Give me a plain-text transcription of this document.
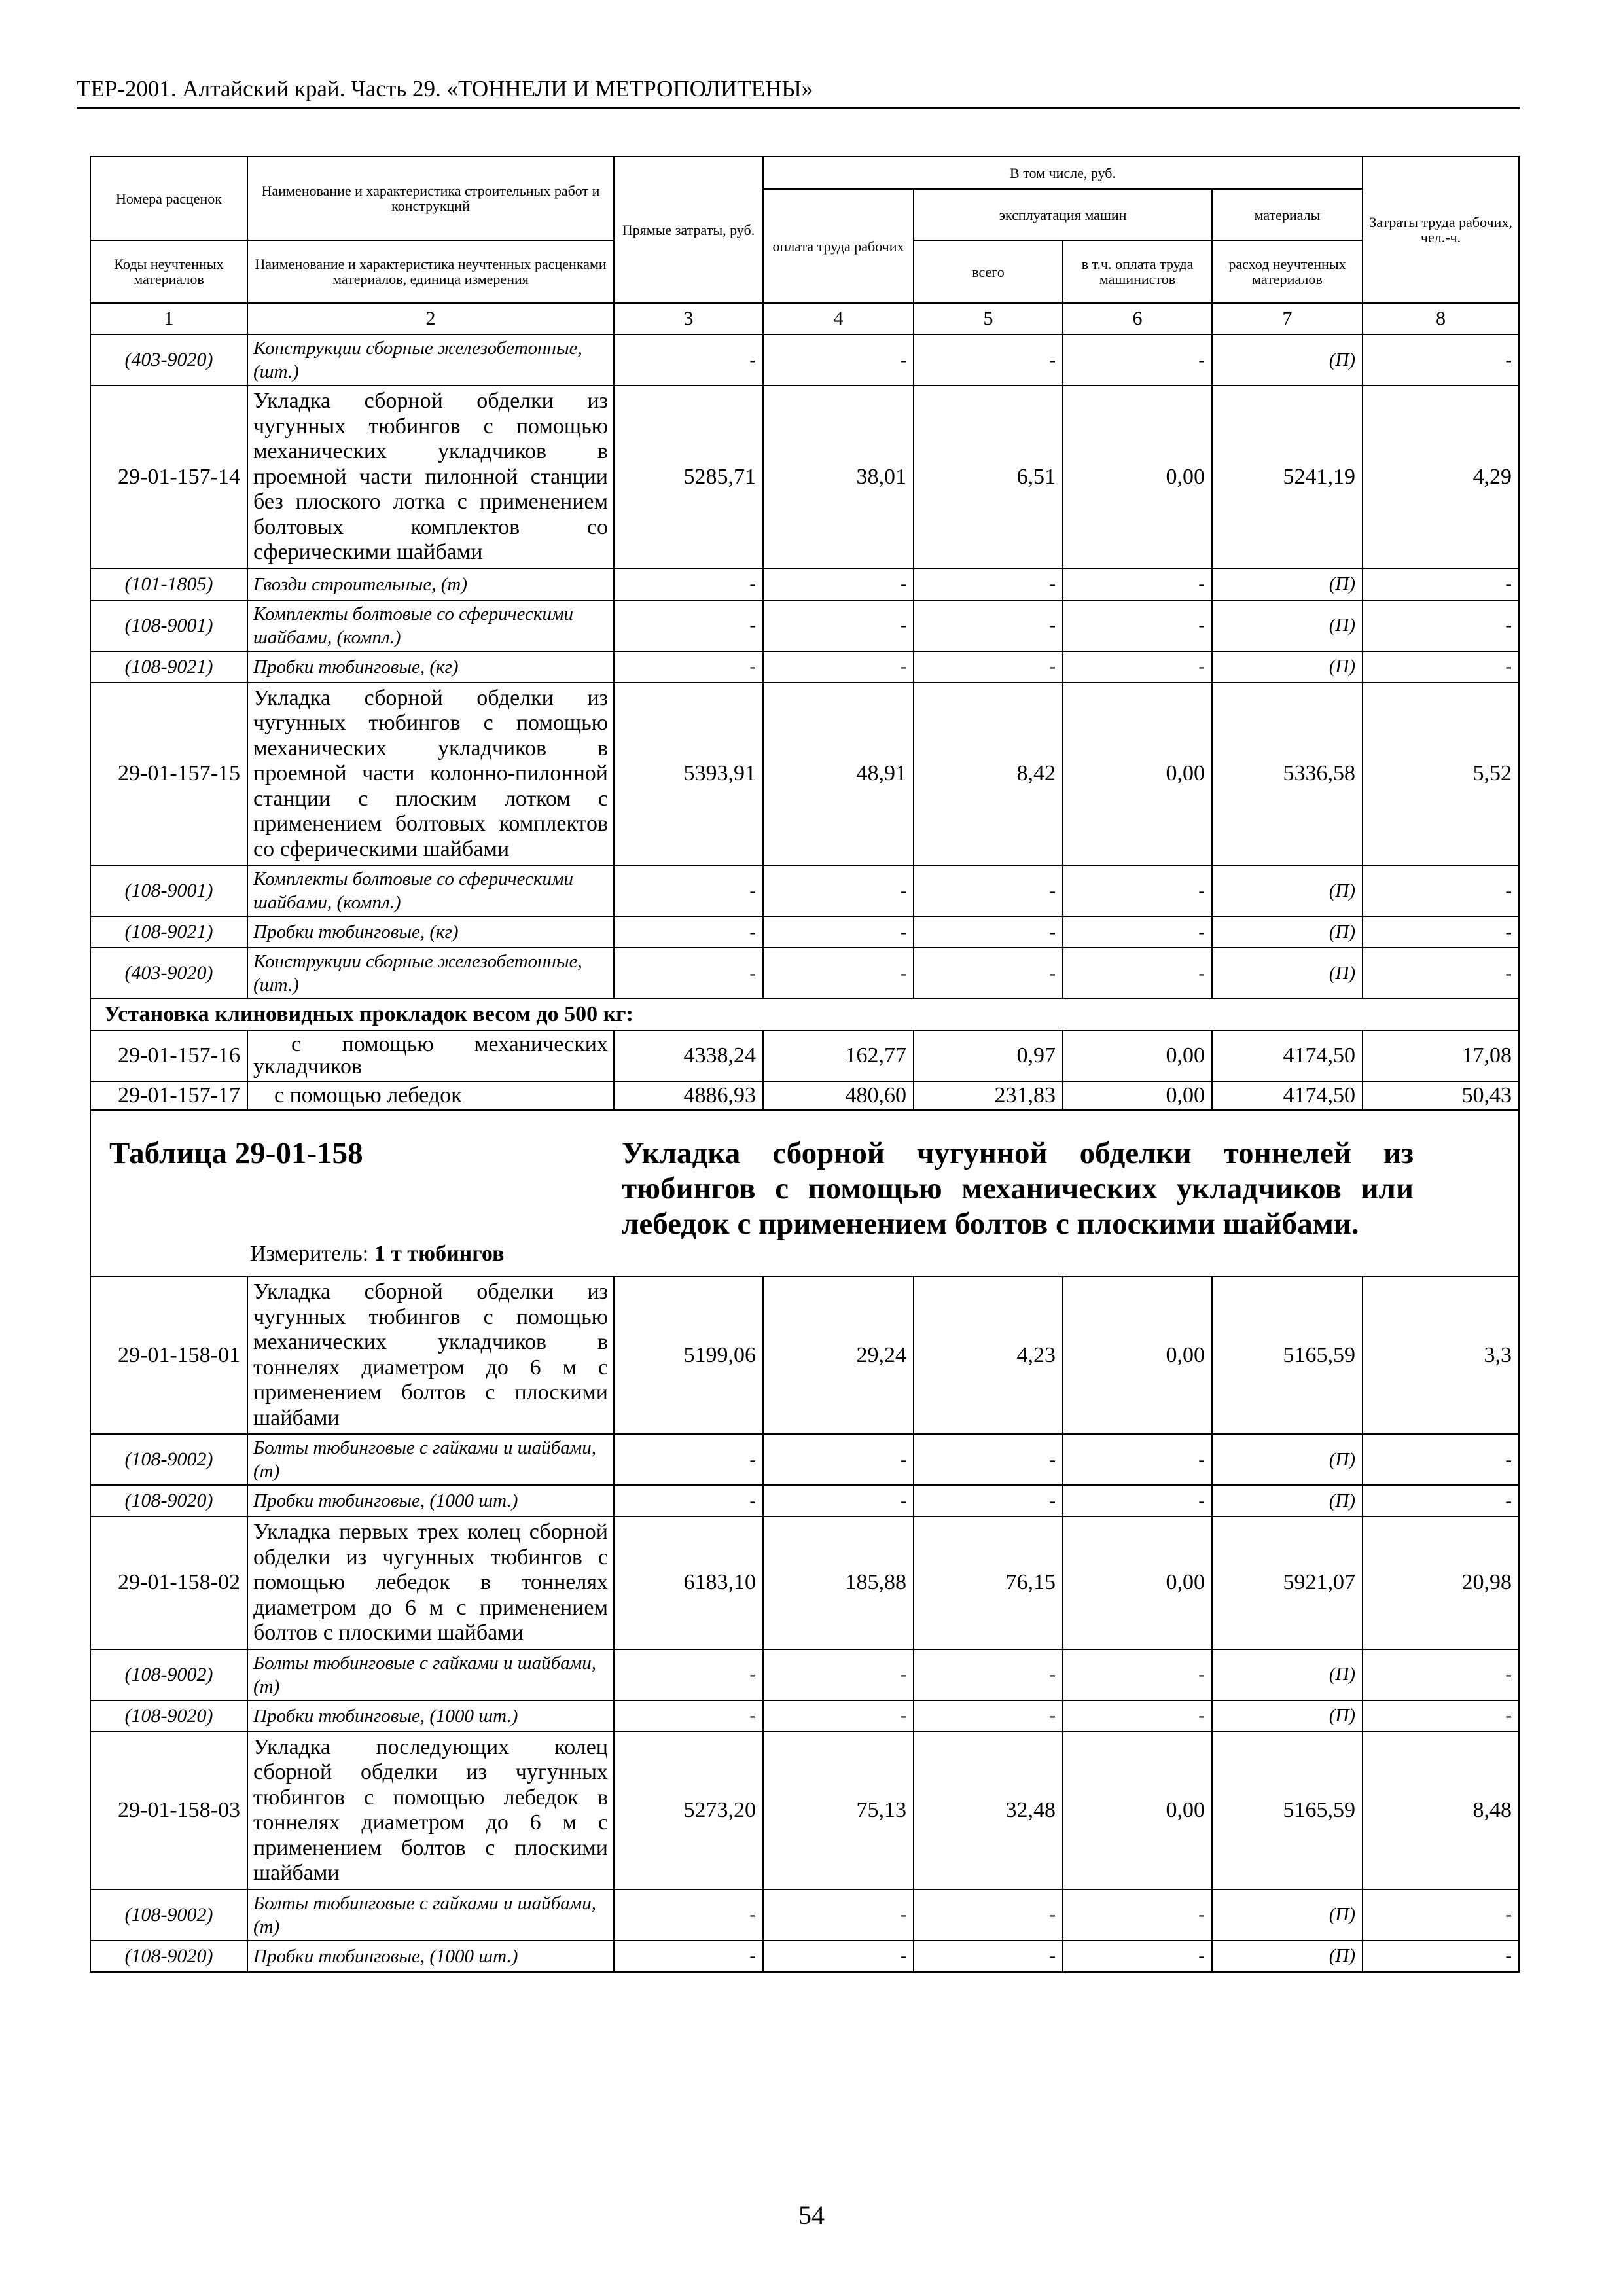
ТЕР-2001. Алтайский край. Часть 29. «ТОННЕЛИ И МЕТРОПОЛИТЕНЫ»
Номера расценок	Наименование и характеристика строительных работ и конструкций	Прямые затраты, руб.	В том числе, руб.				Затраты труда рабочих, чел.-ч.
			оплата труда рабочих	эксплуатация машин		материалы	
Коды неучтенных материалов	Наименование и характеристика неучтенных расценками материалов, единица измерения			всего	в т.ч. оплата труда машинистов	расход неучтенных материалов	
1	2	3	4	5	6	7	8
(403-9020)	Конструкции сборные железобетонные, (шт.)	-	-	-	-	(П)	-
29-01-157-14	Укладка сборной обделки из чугунных тюбингов с помощью механических укладчиков в проемной части пилонной станции без плоского лотка с применением болтовых комплектов со сферическими шайбами	5285,71	38,01	6,51	0,00	5241,19	4,29
(101-1805)	Гвозди строительные, (т)	-	-	-	-	(П)	-
(108-9001)	Комплекты болтовые со сферическими шайбами, (компл.)	-	-	-	-	(П)	-
(108-9021)	Пробки тюбинговые, (кг)	-	-	-	-	(П)	-
29-01-157-15	Укладка сборной обделки из чугунных тюбингов с помощью механических укладчиков в проемной части колонно-пилонной станции с плоским лотком с применением болтовых комплектов со сферическими шайбами	5393,91	48,91	8,42	0,00	5336,58	5,52
(108-9001)	Комплекты болтовые со сферическими шайбами, (компл.)	-	-	-	-	(П)	-
(108-9021)	Пробки тюбинговые, (кг)	-	-	-	-	(П)	-
(403-9020)	Конструкции сборные железобетонные, (шт.)	-	-	-	-	(П)	-
Установка клиновидных прокладок весом до 500 кг:							
29-01-157-16	с помощью механических укладчиков	4338,24	162,77	0,97	0,00	4174,50	17,08
29-01-157-17	с помощью лебедок	4886,93	480,60	231,83	0,00	4174,50	50,43

Таблица 29-01-158 Укладка сборной чугунной обделки тоннелей из тюбингов с помощью механических укладчиков или лебедок с применением болтов с плоскими шайбами.
Измеритель: 1 т тюбингов							

29-01-158-01	Укладка сборной обделки из чугунных тюбингов с помощью механических укладчиков в тоннелях диаметром до 6 м с применением болтов с плоскими шайбами	5199,06	29,24	4,23	0,00	5165,59	3,3
(108-9002)	Болты тюбинговые с гайками и шайбами, (т)	-	-	-	-	(П)	-
(108-9020)	Пробки тюбинговые, (1000 шт.)	-	-	-	-	(П)	-
29-01-158-02	Укладка первых трех колец сборной обделки из чугунных тюбингов с помощью лебедок в тоннелях диаметром до 6 м с применением болтов с плоскими шайбами	6183,10	185,88	76,15	0,00	5921,07	20,98
(108-9002)	Болты тюбинговые с гайками и шайбами, (т)	-	-	-	-	(П)	-
(108-9020)	Пробки тюбинговые, (1000 шт.)	-	-	-	-	(П)	-
29-01-158-03	Укладка последующих колец сборной обделки из чугунных тюбингов с помощью лебедок в тоннелях диаметром до 6 м с применением болтов с плоскими шайбами	5273,20	75,13	32,48	0,00	5165,59	8,48
(108-9002)	Болты тюбинговые с гайками и шайбами, (т)	-	-	-	-	(П)	-
(108-9020)	Пробки тюбинговые, (1000 шт.)	-	-	-	-	(П)	-
54
